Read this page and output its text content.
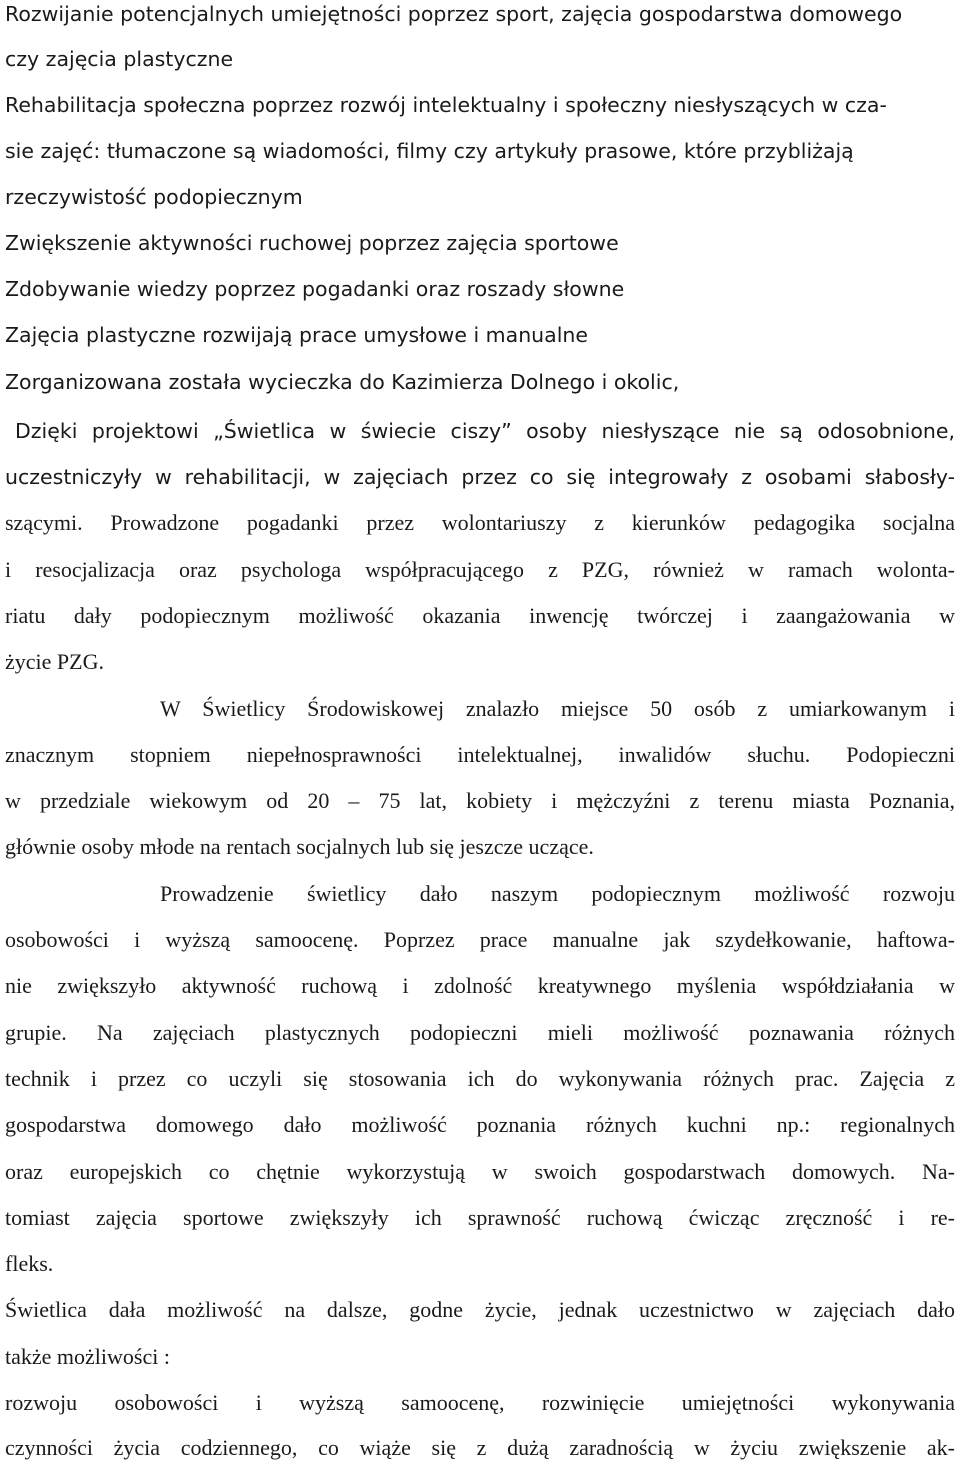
Rozwijanie potencjalnych umiejętności poprzez sport, zajęcia gospodarstwa domowego
czy zajęcia plastyczne
Rehabilitacja społeczna poprzez rozwój intelektualny i społeczny niesłyszących w cza-
sie zajęć: tłumaczone są wiadomości, filmy czy artykuły prasowe, które przybliżają
rzeczywistość podopiecznym
Zwiększenie aktywności ruchowej poprzez zajęcia sportowe
Zdobywanie wiedzy poprzez pogadanki oraz roszady słowne
Zajęcia plastyczne rozwijają prace umysłowe i manualne
Zorganizowana została wycieczka do Kazimierza Dolnego i okolic,
Dzięki projektowi „Świetlica w świecie ciszy” osoby niesłyszące nie są odosobnione,
uczestniczyły w rehabilitacji, w zajęciach przez co się integrowały z osobami słabosły-
szącymi. Prowadzone pogadanki przez wolontariuszy z kierunków pedagogika socjalna
i resocjalizacja oraz psychologa współpracującego z PZG, również w ramach wolonta-
riatu dały podopiecznym możliwość okazania inwencję twórczej i zaangażowania w
życie PZG.
W Świetlicy Środowiskowej znalazło miejsce 50 osób z umiarkowanym i
znacznym stopniem niepełnosprawności intelektualnej, inwalidów słuchu. Podopieczni
w przedziale wiekowym od 20 – 75 lat, kobiety i mężczyźni z terenu miasta Poznania,
głównie osoby młode na rentach socjalnych lub się jeszcze uczące.
Prowadzenie świetlicy dało naszym podopiecznym możliwość rozwoju
osobowości i wyższą samoocenę. Poprzez prace manualne jak szydełkowanie, haftowa-
nie zwiększyło aktywność ruchową i zdolność kreatywnego myślenia współdziałania w
grupie. Na zajęciach plastycznych podopieczni mieli możliwość poznawania różnych
technik i przez co uczyli się stosowania ich do wykonywania różnych prac. Zajęcia z
gospodarstwa domowego dało możliwość poznania różnych kuchni np.: regionalnych
oraz europejskich co chętnie wykorzystują w swoich gospodarstwach domowych. Na-
tomiast zajęcia sportowe zwiększyły ich sprawność ruchową ćwicząc zręczność i re-
fleks.
Świetlica dała możliwość na dalsze, godne życie, jednak uczestnictwo w zajęciach dało
także możliwości :
rozwoju osobowości i wyższą samoocenę, rozwinięcie umiejętności wykonywania
czynności życia codziennego, co wiąże się z dużą zaradnością w życiu zwiększenie ak-
